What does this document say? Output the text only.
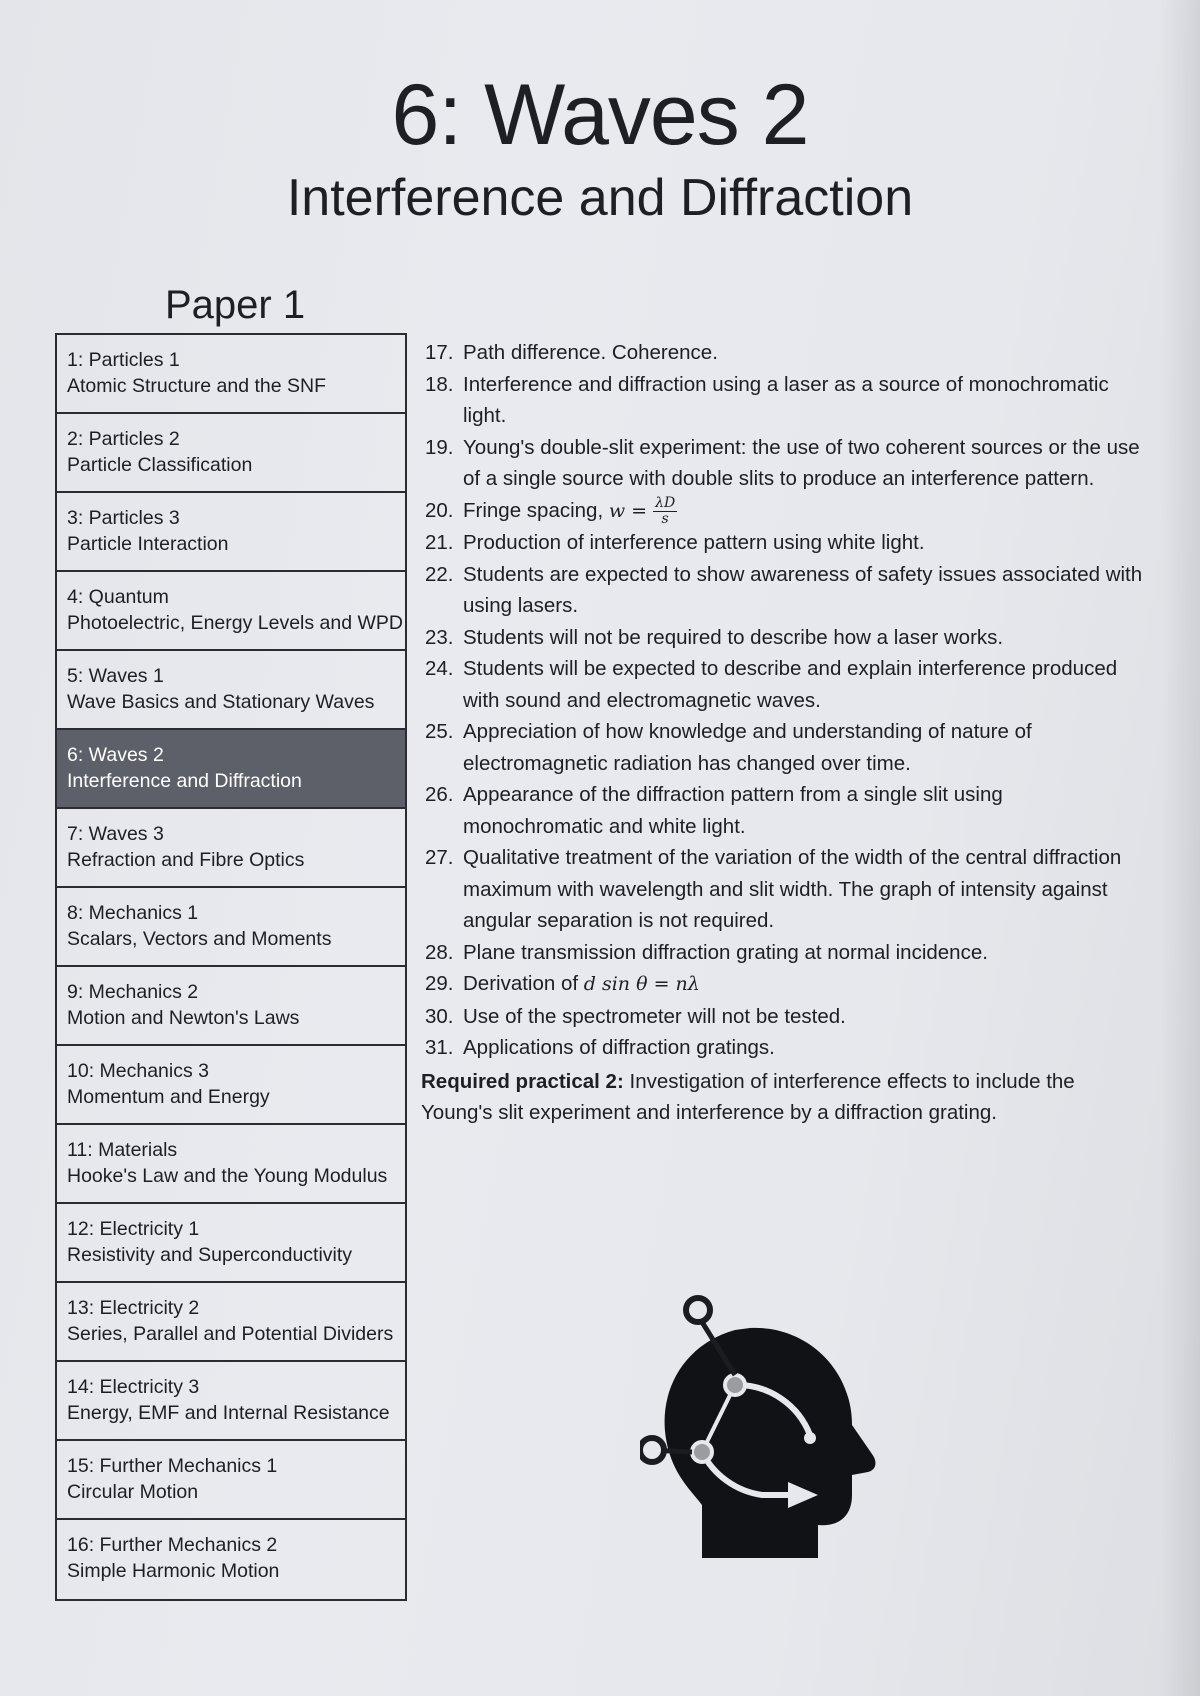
6: Waves 2
Interference and Diffraction
Paper 1
1: Particles 1
Atomic Structure and the SNF
2: Particles 2
Particle Classification
3: Particles 3
Particle Interaction
4: Quantum
Photoelectric, Energy Levels and WPD
5: Waves 1
Wave Basics and Stationary Waves
6: Waves 2
Interference and Diffraction
7: Waves 3
Refraction and Fibre Optics
8: Mechanics 1
Scalars, Vectors and Moments
9: Mechanics 2
Motion and Newton's Laws
10: Mechanics 3
Momentum and Energy
11: Materials
Hooke's Law and the Young Modulus
12: Electricity 1
Resistivity and Superconductivity
13: Electricity 2
Series, Parallel and Potential Dividers
14: Electricity 3
Energy, EMF and Internal Resistance
15: Further Mechanics 1
Circular Motion
16: Further Mechanics 2
Simple Harmonic Motion
17. Path difference. Coherence.
18. Interference and diffraction using a laser as a source of monochromatic light.
19. Young's double-slit experiment: the use of two coherent sources or the use of a single source with double slits to produce an interference pattern.
20. Fringe spacing, $w = \frac{\lambda D}{s}$
21. Production of interference pattern using white light.
22. Students are expected to show awareness of safety issues associated with using lasers.
23. Students will not be required to describe how a laser works.
24. Students will be expected to describe and explain interference produced with sound and electromagnetic waves.
25. Appreciation of how knowledge and understanding of nature of electromagnetic radiation has changed over time.
26. Appearance of the diffraction pattern from a single slit using monochromatic and white light.
27. Qualitative treatment of the variation of the width of the central diffraction maximum with wavelength and slit width. The graph of intensity against angular separation is not required.
28. Plane transmission diffraction grating at normal incidence.
29. Derivation of d sin θ = nλ
30. Use of the spectrometer will not be tested.
31. Applications of diffraction gratings.
Required practical 2: Investigation of interference effects to include the Young's slit experiment and interference by a diffraction grating.
